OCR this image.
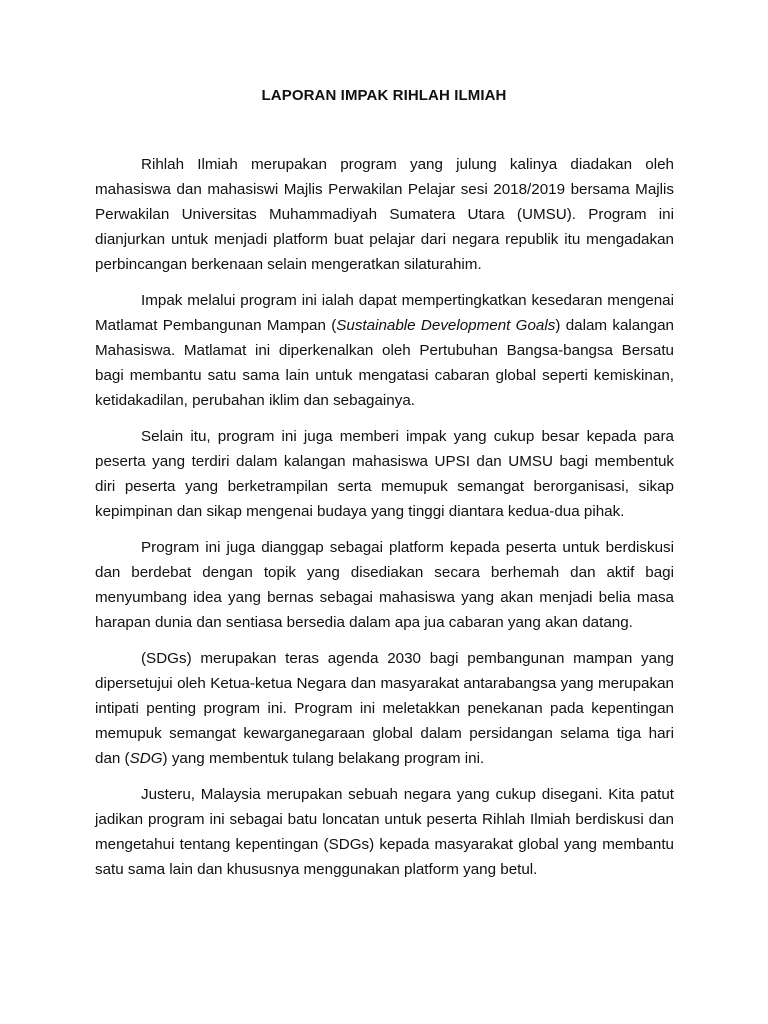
LAPORAN IMPAK RIHLAH ILMIAH

Rihlah Ilmiah merupakan program yang julung kalinya diadakan oleh mahasiswa dan mahasiswi Majlis Perwakilan Pelajar sesi 2018/2019 bersama Majlis Perwakilan Universitas Muhammadiyah Sumatera Utara (UMSU). Program ini dianjurkan untuk menjadi platform buat pelajar dari negara republik itu mengadakan perbincangan berkenaan selain mengeratkan silaturahim.

Impak melalui program ini ialah dapat mempertingkatkan kesedaran mengenai Matlamat Pembangunan Mampan (Sustainable Development Goals) dalam kalangan Mahasiswa. Matlamat ini diperkenalkan oleh Pertubuhan Bangsa-bangsa Bersatu bagi membantu satu sama lain untuk mengatasi cabaran global seperti kemiskinan, ketidakadilan, perubahan iklim dan sebagainya.

Selain itu, program ini juga memberi impak yang cukup besar kepada para peserta yang terdiri dalam kalangan mahasiswa UPSI dan UMSU bagi membentuk diri peserta yang berketrampilan serta memupuk semangat berorganisasi, sikap kepimpinan dan sikap mengenai budaya yang tinggi diantara kedua-dua pihak.

Program ini juga dianggap sebagai platform kepada peserta untuk berdiskusi dan berdebat dengan topik yang disediakan secara berhemah dan aktif bagi menyumbang idea yang bernas sebagai mahasiswa yang akan menjadi belia masa harapan dunia dan sentiasa bersedia dalam apa jua cabaran yang akan datang.

(SDGs) merupakan teras agenda 2030 bagi pembangunan mampan yang dipersetujui oleh Ketua-ketua Negara dan masyarakat antarabangsa yang merupakan intipati penting program ini. Program ini meletakkan penekanan pada kepentingan memupuk semangat kewarganegaraan global dalam persidangan selama tiga hari dan (SDG) yang membentuk tulang belakang program ini.

Justeru, Malaysia merupakan sebuah negara yang cukup disegani. Kita patut jadikan program ini sebagai batu loncatan untuk peserta Rihlah Ilmiah berdiskusi dan mengetahui tentang kepentingan (SDGs) kepada masyarakat global yang membantu satu sama lain dan khususnya menggunakan platform yang betul.
